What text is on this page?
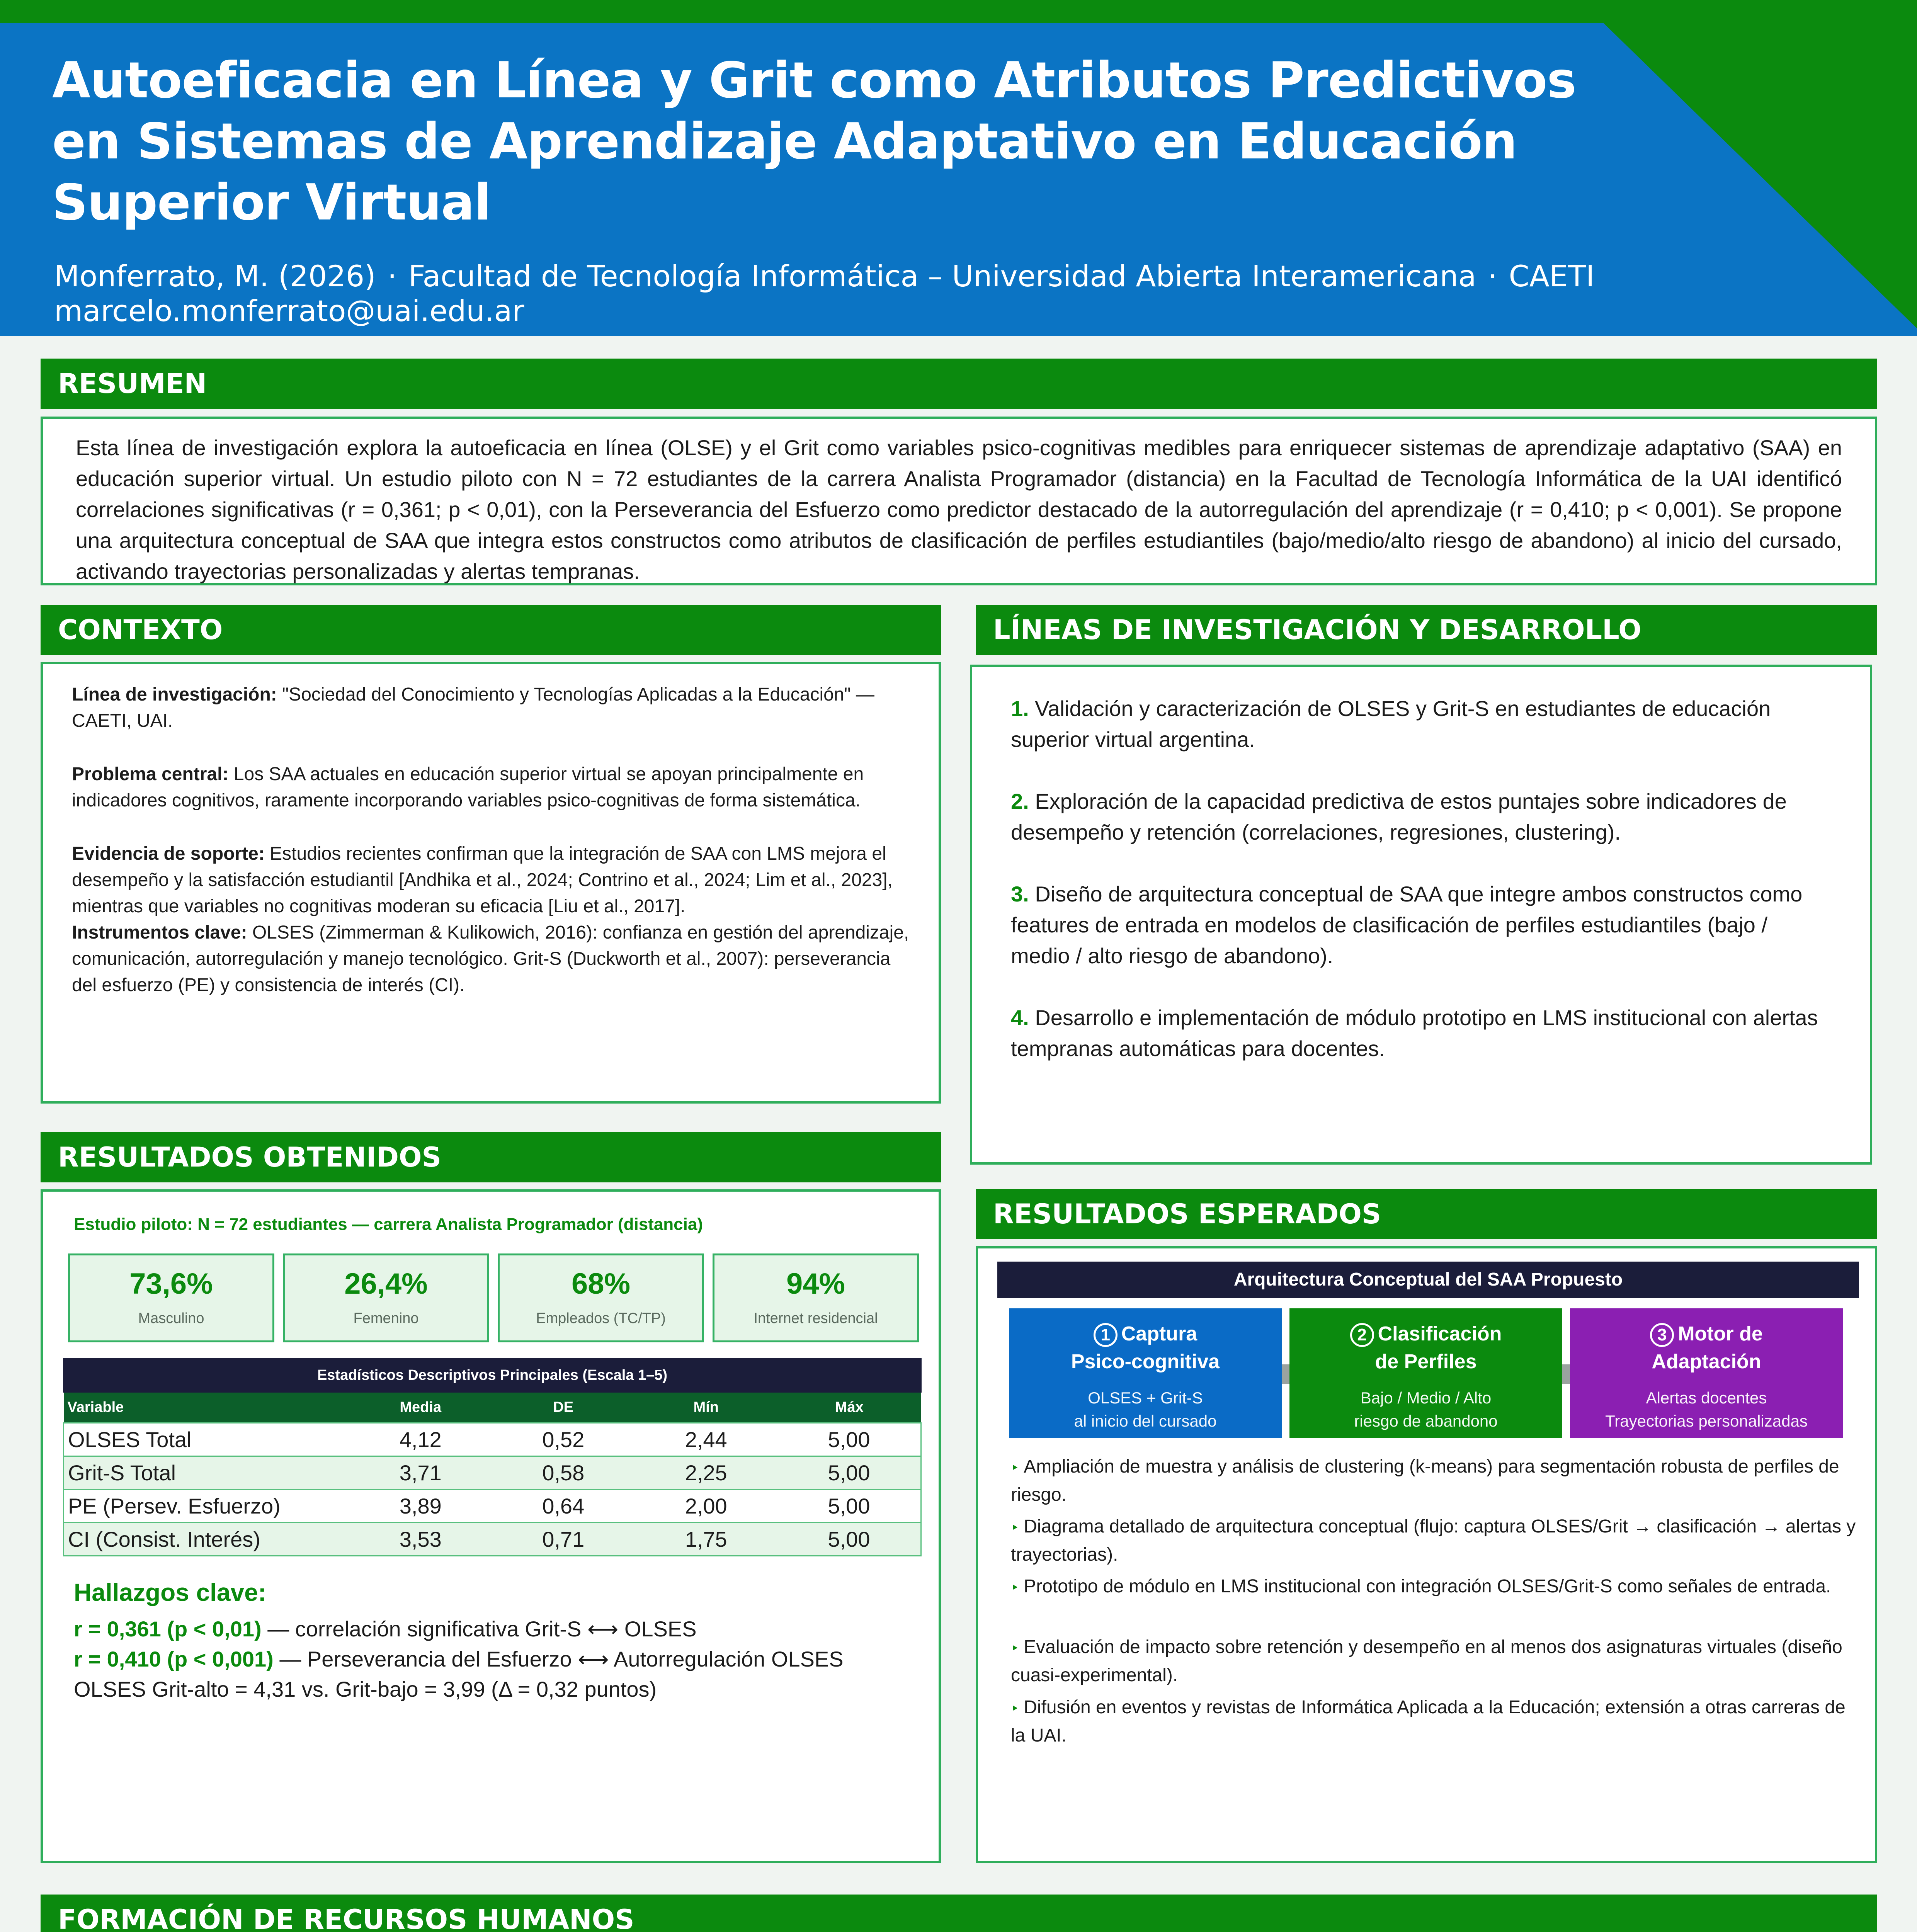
Autoeficacia en Línea y Grit como Atributos Predictivos en Sistemas de Aprendizaje Adaptativo en Educación Superior Virtual
Monferrato, M. (2026) · Facultad de Tecnología Informática – Universidad Abierta Interamericana · CAETI
marcelo.monferrato@uai.edu.ar
RESUMEN
Esta línea de investigación explora la autoeficacia en línea (OLSE) y el Grit como variables psico-cognitivas medibles para enriquecer sistemas de aprendizaje adaptativo (SAA) en educación superior virtual. Un estudio piloto con N = 72 estudiantes de la carrera Analista Programador (distancia) en la Facultad de Tecnología Informática de la UAI identificó correlaciones significativas (r = 0,361; p < 0,01), con la Perseverancia del Esfuerzo como predictor destacado de la autorregulación del aprendizaje (r = 0,410; p < 0,001). Se propone una arquitectura conceptual de SAA que integra estos constructos como atributos de clasificación de perfiles estudiantiles (bajo/medio/alto riesgo de abandono) al inicio del cursado, activando trayectorias personalizadas y alertas tempranas.
CONTEXTO

Línea de investigación: "Sociedad del Conocimiento y Tecnologías Aplicadas a la Educación" — CAETI, UAI.

Problema central: Los SAA actuales en educación superior virtual se apoyan principalmente en indicadores cognitivos, raramente incorporando variables psico-cognitivas de forma sistemática.

Evidencia de soporte: Estudios recientes confirman que la integración de SAA con LMS mejora el desempeño y la satisfacción estudiantil [Andhika et al., 2024; Contrino et al., 2024; Lim et al., 2023], mientras que variables no cognitivas moderan su eficacia [Liu et al., 2017].

Instrumentos clave: OLSES (Zimmerman & Kulikowich, 2016): confianza en gestión del aprendizaje, comunicación, autorregulación y manejo tecnológico. Grit-S (Duckworth et al., 2007): perseverancia del esfuerzo (PE) y consistencia de interés (CI).

LÍNEAS DE INVESTIGACIÓN Y DESARROLLO

1. Validación y caracterización de OLSES y Grit-S en estudiantes de educación superior virtual argentina.

2. Exploración de la capacidad predictiva de estos puntajes sobre indicadores de desempeño y retención (correlaciones, regresiones, clustering).

3. Diseño de arquitectura conceptual de SAA que integre ambos constructos como features de entrada en modelos de clasificación de perfiles estudiantiles (bajo / medio / alto riesgo de abandono).

4. Desarrollo e implementación de módulo prototipo en LMS institucional con alertas tempranas automáticas para docentes.

RESULTADOS OBTENIDOS
Estudio piloto: N = 72 estudiantes — carrera Analista Programador (distancia)
73,6%
Masculino
26,4%
Femenino
68%
Empleados (TC/TP)
94%
Internet residencial
Estadísticos Descriptivos Principales (Escala 1–5)
Variable	Media	DE	Mín	Máx
OLSES Total	4,12	0,52	2,44	5,00
Grit-S Total	3,71	0,58	2,25	5,00
PE (Persev. Esfuerzo)	3,89	0,64	2,00	5,00
CI (Consist. Interés)	3,53	0,71	1,75	5,00
Hallazgos clave:
r = 0,361 (p < 0,01) — correlación significativa Grit-S ⟷ OLSES
r = 0,410 (p < 0,001) — Perseverancia del Esfuerzo ⟷ Autorregulación OLSES
OLSES Grit-alto = 4,31 vs. Grit-bajo = 3,99 (Δ = 0,32 puntos)
RESULTADOS ESPERADOS
Arquitectura Conceptual del SAA Propuesto
1 Captura
Psico-cognitiva
OLSES + Grit-S
al inicio del cursado
2 Clasificación
de Perfiles
Bajo / Medio / Alto
riesgo de abandono
3 Motor de
Adaptación
Alertas docentes
Trayectorias personalizadas
‣ Ampliación de muestra y análisis de clustering (k-means) para segmentación robusta de perfiles de riesgo.
‣ Diagrama detallado de arquitectura conceptual (flujo: captura OLSES/Grit → clasificación → alertas y trayectorias).
‣ Prototipo de módulo en LMS institucional con integración OLSES/Grit-S como señales de entrada.
‣ Evaluación de impacto sobre retención y desempeño en al menos dos asignaturas virtuales (diseño cuasi-experimental).
‣ Difusión en eventos y revistas de Informática Aplicada a la Educación; extensión a otras carreras de la UAI.
FORMACIÓN DE RECURSOS HUMANOS
